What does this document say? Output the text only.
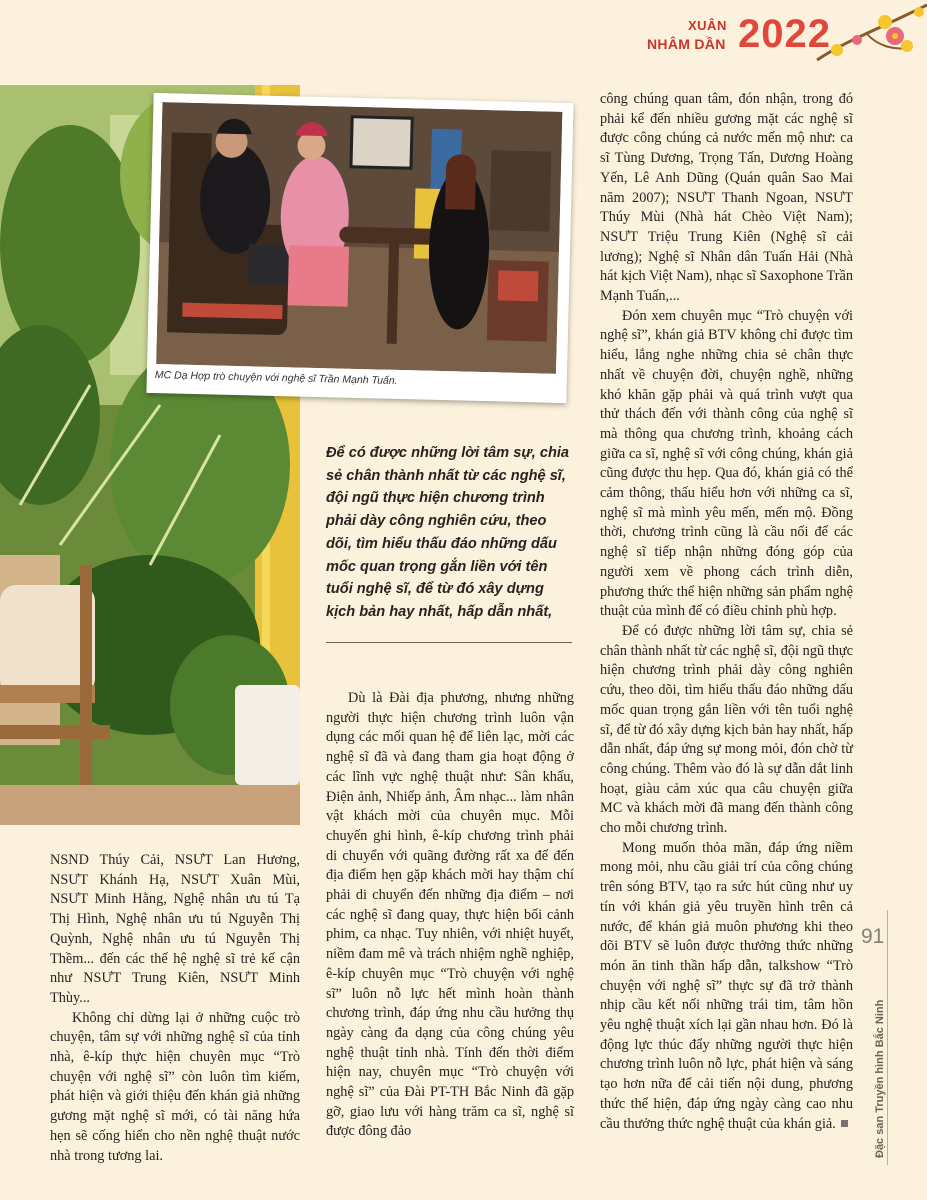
XUÂN
NHÂM DẦN 2022
MC Dạ Hợp trò chuyện với nghệ sĩ Trần Mạnh Tuấn.
Để có được những lời tâm sự, chia sẻ chân thành nhất từ các nghệ sĩ, đội ngũ thực hiện chương trình phải dày công nghiên cứu, theo dõi, tìm hiểu thấu đáo những dấu mốc quan trọng gắn liền với tên tuổi nghệ sĩ, để từ đó xây dựng kịch bản hay nhất, hấp dẫn nhất,

NSND Thúy Cải, NSƯT Lan Hương, NSƯT Khánh Hạ, NSƯT Xuân Mùi, NSƯT Minh Hằng, Nghệ nhân ưu tú Tạ Thị Hình, Nghệ nhân ưu tú Nguyễn Thị Quỳnh, Nghệ nhân ưu tú Nguyễn Thị Thềm... đến các thế hệ nghệ sĩ trẻ kế cận như NSƯT Trung Kiên, NSƯT Minh Thùy...

Không chỉ dừng lại ở những cuộc trò chuyện, tâm sự với những nghệ sĩ của tỉnh nhà, ê-kíp thực hiện chuyên mục “Trò chuyện với nghệ sĩ” còn luôn tìm kiếm, phát hiện và giới thiệu đến khán giả những gương mặt nghệ sĩ mới, có tài năng hứa hẹn sẽ cống hiến cho nền nghệ thuật nước nhà trong tương lai.

Dù là Đài địa phương, nhưng những người thực hiện chương trình luôn vận dụng các mối quan hệ để liên lạc, mời các nghệ sĩ đã và đang tham gia hoạt động ở các lĩnh vực nghệ thuật như: Sân khấu, Điện ảnh, Nhiếp ảnh, Âm nhạc... làm nhân vật khách mời của chuyên mục. Mỗi chuyến ghi hình, ê-kíp chương trình phải di chuyển với quãng đường rất xa để đến địa điểm hẹn gặp khách mời hay thậm chí phải di chuyển đến những địa điểm – nơi các nghệ sĩ đang quay, thực hiện bối cảnh phim, ca nhạc. Tuy nhiên, với nhiệt huyết, niềm đam mê và trách nhiệm nghề nghiệp, ê-kíp chuyên mục “Trò chuyện với nghệ sĩ” luôn nỗ lực hết mình hoàn thành chương trình, đáp ứng nhu cầu hưởng thụ ngày càng đa dạng của công chúng yêu nghệ thuật tỉnh nhà. Tính đến thời điểm hiện nay, chuyên mục “Trò chuyện với nghệ sĩ” của Đài PT-TH Bắc Ninh đã gặp gỡ, giao lưu với hàng trăm ca sĩ, nghệ sĩ được đông đảo

công chúng quan tâm, đón nhận, trong đó phải kể đến nhiều gương mặt các nghệ sĩ được công chúng cả nước mến mộ như: ca sĩ Tùng Dương, Trọng Tấn, Dương Hoàng Yến, Lê Anh Dũng (Quán quân Sao Mai năm 2007); NSƯT Thanh Ngoan, NSƯT Thúy Mùi (Nhà hát Chèo Việt Nam); NSƯT Triệu Trung Kiên (Nghệ sĩ cải lương); Nghệ sĩ Nhân dân Tuấn Hải (Nhà hát kịch Việt Nam), nhạc sĩ Saxophone Trần Mạnh Tuấn,...

Đón xem chuyên mục “Trò chuyện với nghệ sĩ”, khán giả BTV không chỉ được tìm hiểu, lắng nghe những chia sẻ chân thực nhất về chuyện đời, chuyện nghề, những khó khăn gặp phải và quá trình vượt qua thử thách đến với thành công của nghệ sĩ mà thông qua chương trình, khoảng cách giữa ca sĩ, nghệ sĩ với công chúng, khán giả cũng được thu hẹp. Qua đó, khán giả có thể cảm thông, thấu hiểu hơn với những ca sĩ, nghệ sĩ mà mình yêu mến, mến mộ. Đồng thời, chương trình cũng là cầu nối để các nghệ sĩ tiếp nhận những đóng góp của người xem về phong cách trình diễn, phương thức thể hiện những sản phẩm nghệ thuật của mình để có điều chỉnh phù hợp.

Để có được những lời tâm sự, chia sẻ chân thành nhất từ các nghệ sĩ, đội ngũ thực hiện chương trình phải dày công nghiên cứu, theo dõi, tìm hiểu thấu đáo những dấu mốc quan trọng gắn liền với tên tuổi nghệ sĩ, để từ đó xây dựng kịch bản hay nhất, hấp dẫn nhất, đáp ứng sự mong mỏi, đón chờ từ công chúng. Thêm vào đó là sự dẫn dắt linh hoạt, giàu cảm xúc qua câu chuyện giữa MC và khách mời đã mang đến thành công cho mỗi chương trình.

Mong muốn thỏa mãn, đáp ứng niềm mong mỏi, nhu cầu giải trí của công chúng trên sóng BTV, tạo ra sức hút cũng như uy tín với khán giả yêu truyền hình trên cả nước, để khán giả muôn phương khi theo dõi BTV sẽ luôn được thưởng thức những món ăn tinh thần hấp dẫn, talkshow “Trò chuyện với nghệ sĩ” thực sự đã trở thành nhịp cầu kết nối những trái tim, tâm hồn yêu nghệ thuật xích lại gần nhau hơn. Đó là động lực thúc đẩy những người thực hiện chương trình luôn nỗ lực, phát hiện và sáng tạo hơn nữa để cải tiến nội dung, phương thức thể hiện, đáp ứng ngày càng cao nhu cầu thưởng thức nghệ thuật của khán giả.

91
Đặc san Truyền hình Bắc Ninh
